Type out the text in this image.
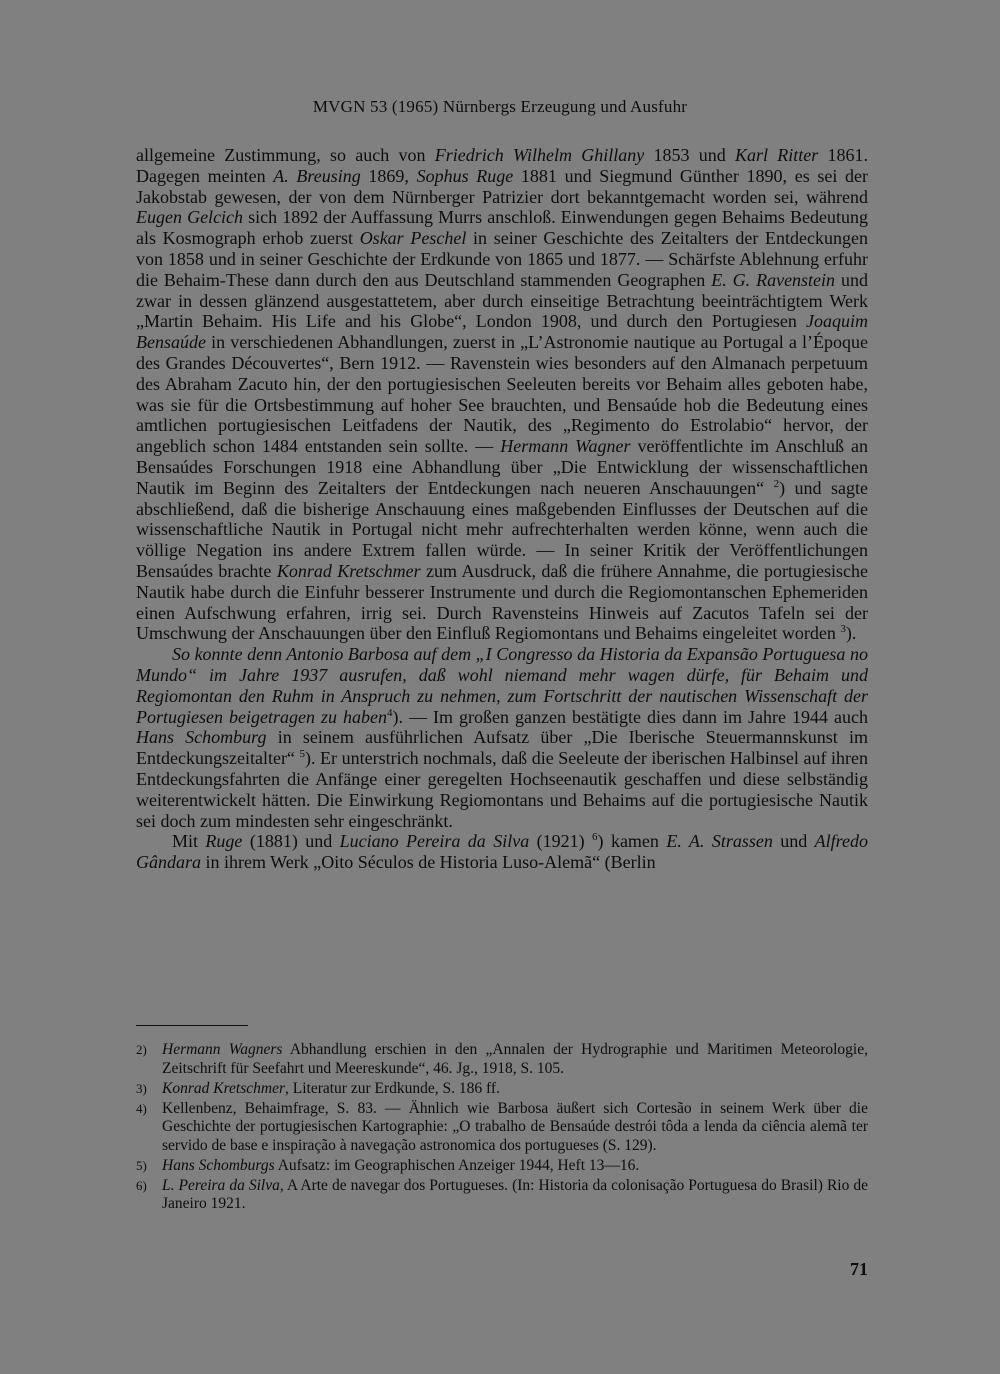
MVGN 53 (1965) Nürnbergs Erzeugung und Ausfuhr

allgemeine Zustimmung, so auch von Friedrich Wilhelm Ghillany 1853 und Karl Ritter 1861. Dagegen meinten A. Breusing 1869, Sophus Ruge 1881 und Siegmund Günther 1890, es sei der Jakobstab gewesen, der von dem Nürnberger Patrizier dort bekanntgemacht worden sei, während Eugen Gelcich sich 1892 der Auffassung Murrs anschloß. Einwendungen gegen Behaims Bedeutung als Kosmograph erhob zuerst Oskar Peschel in seiner Geschichte des Zeitalters der Entdeckungen von 1858 und in seiner Geschichte der Erdkunde von 1865 und 1877. — Schärfste Ablehnung erfuhr die Behaim-These dann durch den aus Deutschland stammenden Geographen E. G. Ravenstein und zwar in dessen glänzend ausgestattetem, aber durch einseitige Betrachtung beeinträchtigtem Werk „Martin Behaim. His Life and his Globe“, London 1908, und durch den Portugiesen Joaquim Bensaúde in verschiedenen Abhandlungen, zuerst in „L’Astronomie nautique au Portugal a l’Époque des Grandes Découvertes“, Bern 1912. — Ravenstein wies besonders auf den Almanach perpetuum des Abraham Zacuto hin, der den portugiesischen Seeleuten bereits vor Behaim alles geboten habe, was sie für die Ortsbestimmung auf hoher See brauchten, und Bensaúde hob die Bedeutung eines amtlichen portugiesischen Leitfadens der Nautik, des „Regimento do Estrolabio“ hervor, der angeblich schon 1484 entstanden sein sollte. — Hermann Wagner veröffentlichte im Anschluß an Bensaúdes Forschungen 1918 eine Abhandlung über „Die Entwicklung der wissenschaftlichen Nautik im Beginn des Zeitalters der Entdeckungen nach neueren Anschauungen“ $^2$) und sagte abschließend, daß die bisherige Anschauung eines maßgebenden Einflusses der Deutschen auf die wissenschaftliche Nautik in Portugal nicht mehr aufrechterhalten werden könne, wenn auch die völlige Negation ins andere Extrem fallen würde. — In seiner Kritik der Veröffentlichungen Bensaúdes brachte Konrad Kretschmer zum Ausdruck, daß die frühere Annahme, die portugiesische Nautik habe durch die Einfuhr besserer Instrumente und durch die Regiomontanschen Ephemeriden einen Aufschwung erfahren, irrig sei. Durch Ravensteins Hinweis auf Zacutos Tafeln sei der Umschwung der Anschauungen über den Einfluß Regiomontans und Behaims eingeleitet worden $^3$).

So konnte denn Antonio Barbosa auf dem „I Congresso da Historia da Expansão Portuguesa no Mundo“ im Jahre 1937 ausrufen, daß wohl niemand mehr wagen dürfe, für Behaim und Regiomontan den Ruhm in Anspruch zu nehmen, zum Fortschritt der nautischen Wissenschaft der Portugiesen beigetragen zu haben$^4$). — Im großen ganzen bestätigte dies dann im Jahre 1944 auch Hans Schomburg in seinem ausführlichen Aufsatz über „Die Iberische Steuermannskunst im Entdeckungszeitalter“ $^5$). Er unterstrich nochmals, daß die Seeleute der iberischen Halbinsel auf ihren Entdeckungsfahrten die Anfänge einer geregelten Hochseenautik geschaffen und diese selbständig weiterentwickelt hätten. Die Einwirkung Regiomontans und Behaims auf die portugiesische Nautik sei doch zum mindesten sehr eingeschränkt.

Mit Ruge (1881) und Luciano Pereira da Silva (1921) $^6$) kamen E. A. Strassen und Alfredo Gândara in ihrem Werk „Oito Séculos de Historia Luso-Alemã“ (Berlin

2) Hermann Wagners Abhandlung erschien in den „Annalen der Hydrographie und Maritimen Meteorologie, Zeitschrift für Seefahrt und Meereskunde“, 46. Jg., 1918, S. 105.
3) Konrad Kretschmer, Literatur zur Erdkunde, S. 186 ff.
4) Kellenbenz, Behaimfrage, S. 83. — Ähnlich wie Barbosa äußert sich Cortesão in seinem Werk über die Geschichte der portugiesischen Kartographie: „O trabalho de Bensaúde destrói tôda a lenda da ciência alemã ter servido de base e inspiração à navegação astronomica dos portugueses (S. 129).
5) Hans Schomburgs Aufsatz: im Geographischen Anzeiger 1944, Heft 13—16.
6) L. Pereira da Silva, A Arte de navegar dos Portugueses. (In: Historia da colonisação Portuguesa do Brasil) Rio de Janeiro 1921.
71
